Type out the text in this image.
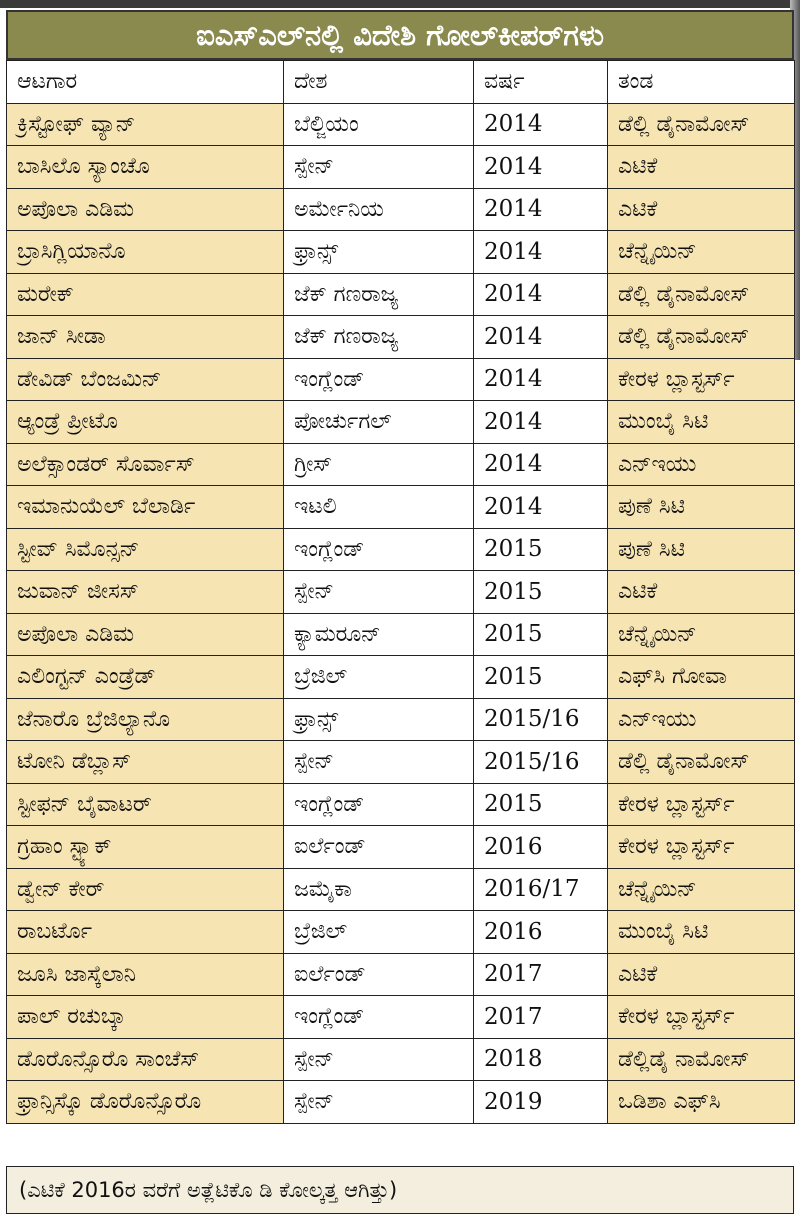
ಐಎಸ್‌ಎಲ್‌ನಲ್ಲಿ ವಿದೇಶಿ ಗೋಲ್‌ಕೀಪರ್‌ಗಳು
ಆಟಗಾರ	ದೇಶ	ವರ್ಷ	ತಂಡ
ಕ್ರಿಸ್ಟೋಫ್ ವ್ಯಾನ್	ಬೆಲ್ಜಿಯಂ	2014	ಡೆಲ್ಲಿ ಡೈನಾಮೋಸ್
ಬಾಸಿಲೊ ಸ್ಯಾಂಚೊ	ಸ್ಪೇನ್	2014	ಎಟಿಕೆ
ಅಪೊಲಾ ಎಡಿಮ	ಅರ್ಮೇನಿಯ	2014	ಎಟಿಕೆ
ಬ್ರಾಸಿಗ್ಲಿಯಾನೊ	ಫ್ರಾನ್ಸ್	2014	ಚೆನ್ನೈಯಿನ್
ಮರೇಕ್	ಜೆಕ್ ಗಣರಾಜ್ಯ	2014	ಡೆಲ್ಲಿ ಡೈನಾಮೋಸ್
ಜಾನ್ ಸೀಡಾ	ಜೆಕ್ ಗಣರಾಜ್ಯ	2014	ಡೆಲ್ಲಿ ಡೈನಾಮೋಸ್
ಡೇವಿಡ್ ಬೆಂಜಮಿನ್	ಇಂಗ್ಲೆಂಡ್	2014	ಕೇರಳ ಬ್ಲಾಸ್ಟರ್ಸ್
ಆ್ಯಂಡ್ರೆ ಪ್ರೀಟೊ	ಪೋರ್ಚುಗಲ್	2014	ಮುಂಬೈ ಸಿಟಿ
ಅಲೆಕ್ಸಾಂಡರ್ ಸೊರ್ವಾಸ್	ಗ್ರೀಸ್	2014	ಎನ್‌ಇಯು
ಇಮಾನುಯೆಲ್ ಬೆಲಾರ್ಡಿ	ಇಟಲಿ	2014	ಪುಣೆ ಸಿಟಿ
ಸ್ಟೀವ್ ಸಿಮೊನ್ಸನ್	ಇಂಗ್ಲೆಂಡ್	2015	ಪುಣೆ ಸಿಟಿ
ಜುವಾನ್ ಜೀಸಸ್	ಸ್ಪೇನ್	2015	ಎಟಿಕೆ
ಅಪೊಲಾ ಎಡಿಮ	ಕ್ಯಾಮರೂನ್	2015	ಚೆನ್ನೈಯಿನ್
ಎಲಿಂಗ್ಟನ್ ಎಂಡ್ರೆಡ್	ಬ್ರೆಜಿಲ್	2015	ಎಫ್‌ಸಿ ಗೋವಾ
ಜೆನಾರೊ ಬ್ರೆಜಿಲ್ಯಾನೊ	ಫ್ರಾನ್ಸ್	2015/16	ಎನ್‌ಇಯು
ಟೋನಿ ಡೆಬ್ಲಾಸ್	ಸ್ಪೇನ್	2015/16	ಡೆಲ್ಲಿ ಡೈನಾಮೋಸ್
ಸ್ಟೀಫನ್ ಬೈವಾಟರ್	ಇಂಗ್ಲೆಂಡ್	2015	ಕೇರಳ ಬ್ಲಾಸ್ಟರ್ಸ್
ಗ್ರಹಾಂ ಸ್ಟ್ಯಾಕ್	ಐರ್ಲೆಂಡ್	2016	ಕೇರಳ ಬ್ಲಾಸ್ಟರ್ಸ್
ಡ್ವೇನ್ ಕೇರ್	ಜಮೈಕಾ	2016/17	ಚೆನ್ನೈಯಿನ್
ರಾಬರ್ಟೊ	ಬ್ರೆಜಿಲ್	2016	ಮುಂಬೈ ಸಿಟಿ
ಜೂಸಿ ಜಾಸ್ಕೆಲಾನಿ	ಐರ್ಲೆಂಡ್	2017	ಎಟಿಕೆ
ಪಾಲ್ ರಚುಬ್ಕಾ	ಇಂಗ್ಲೆಂಡ್	2017	ಕೇರಳ ಬ್ಲಾಸ್ಟರ್ಸ್
ಡೊರೊನ್ಸೊರೊ ಸಾಂಚೆಸ್	ಸ್ಪೇನ್	2018	ಡೆಲ್ಲಿಡೈ ನಾಮೋಸ್
ಫ್ರಾನ್ಸಿಸ್ಕೊ ಡೊರೊನ್ಸೊರೊ	ಸ್ಪೇನ್	2019	ಒಡಿಶಾ ಎಫ್‌ಸಿ
(ಎಟಿಕೆ 2016ರ ವರೆಗೆ ಅತ್ಲೆಟಿಕೊ ಡಿ ಕೋಲ್ಕತ್ತ ಆಗಿತ್ತು)
